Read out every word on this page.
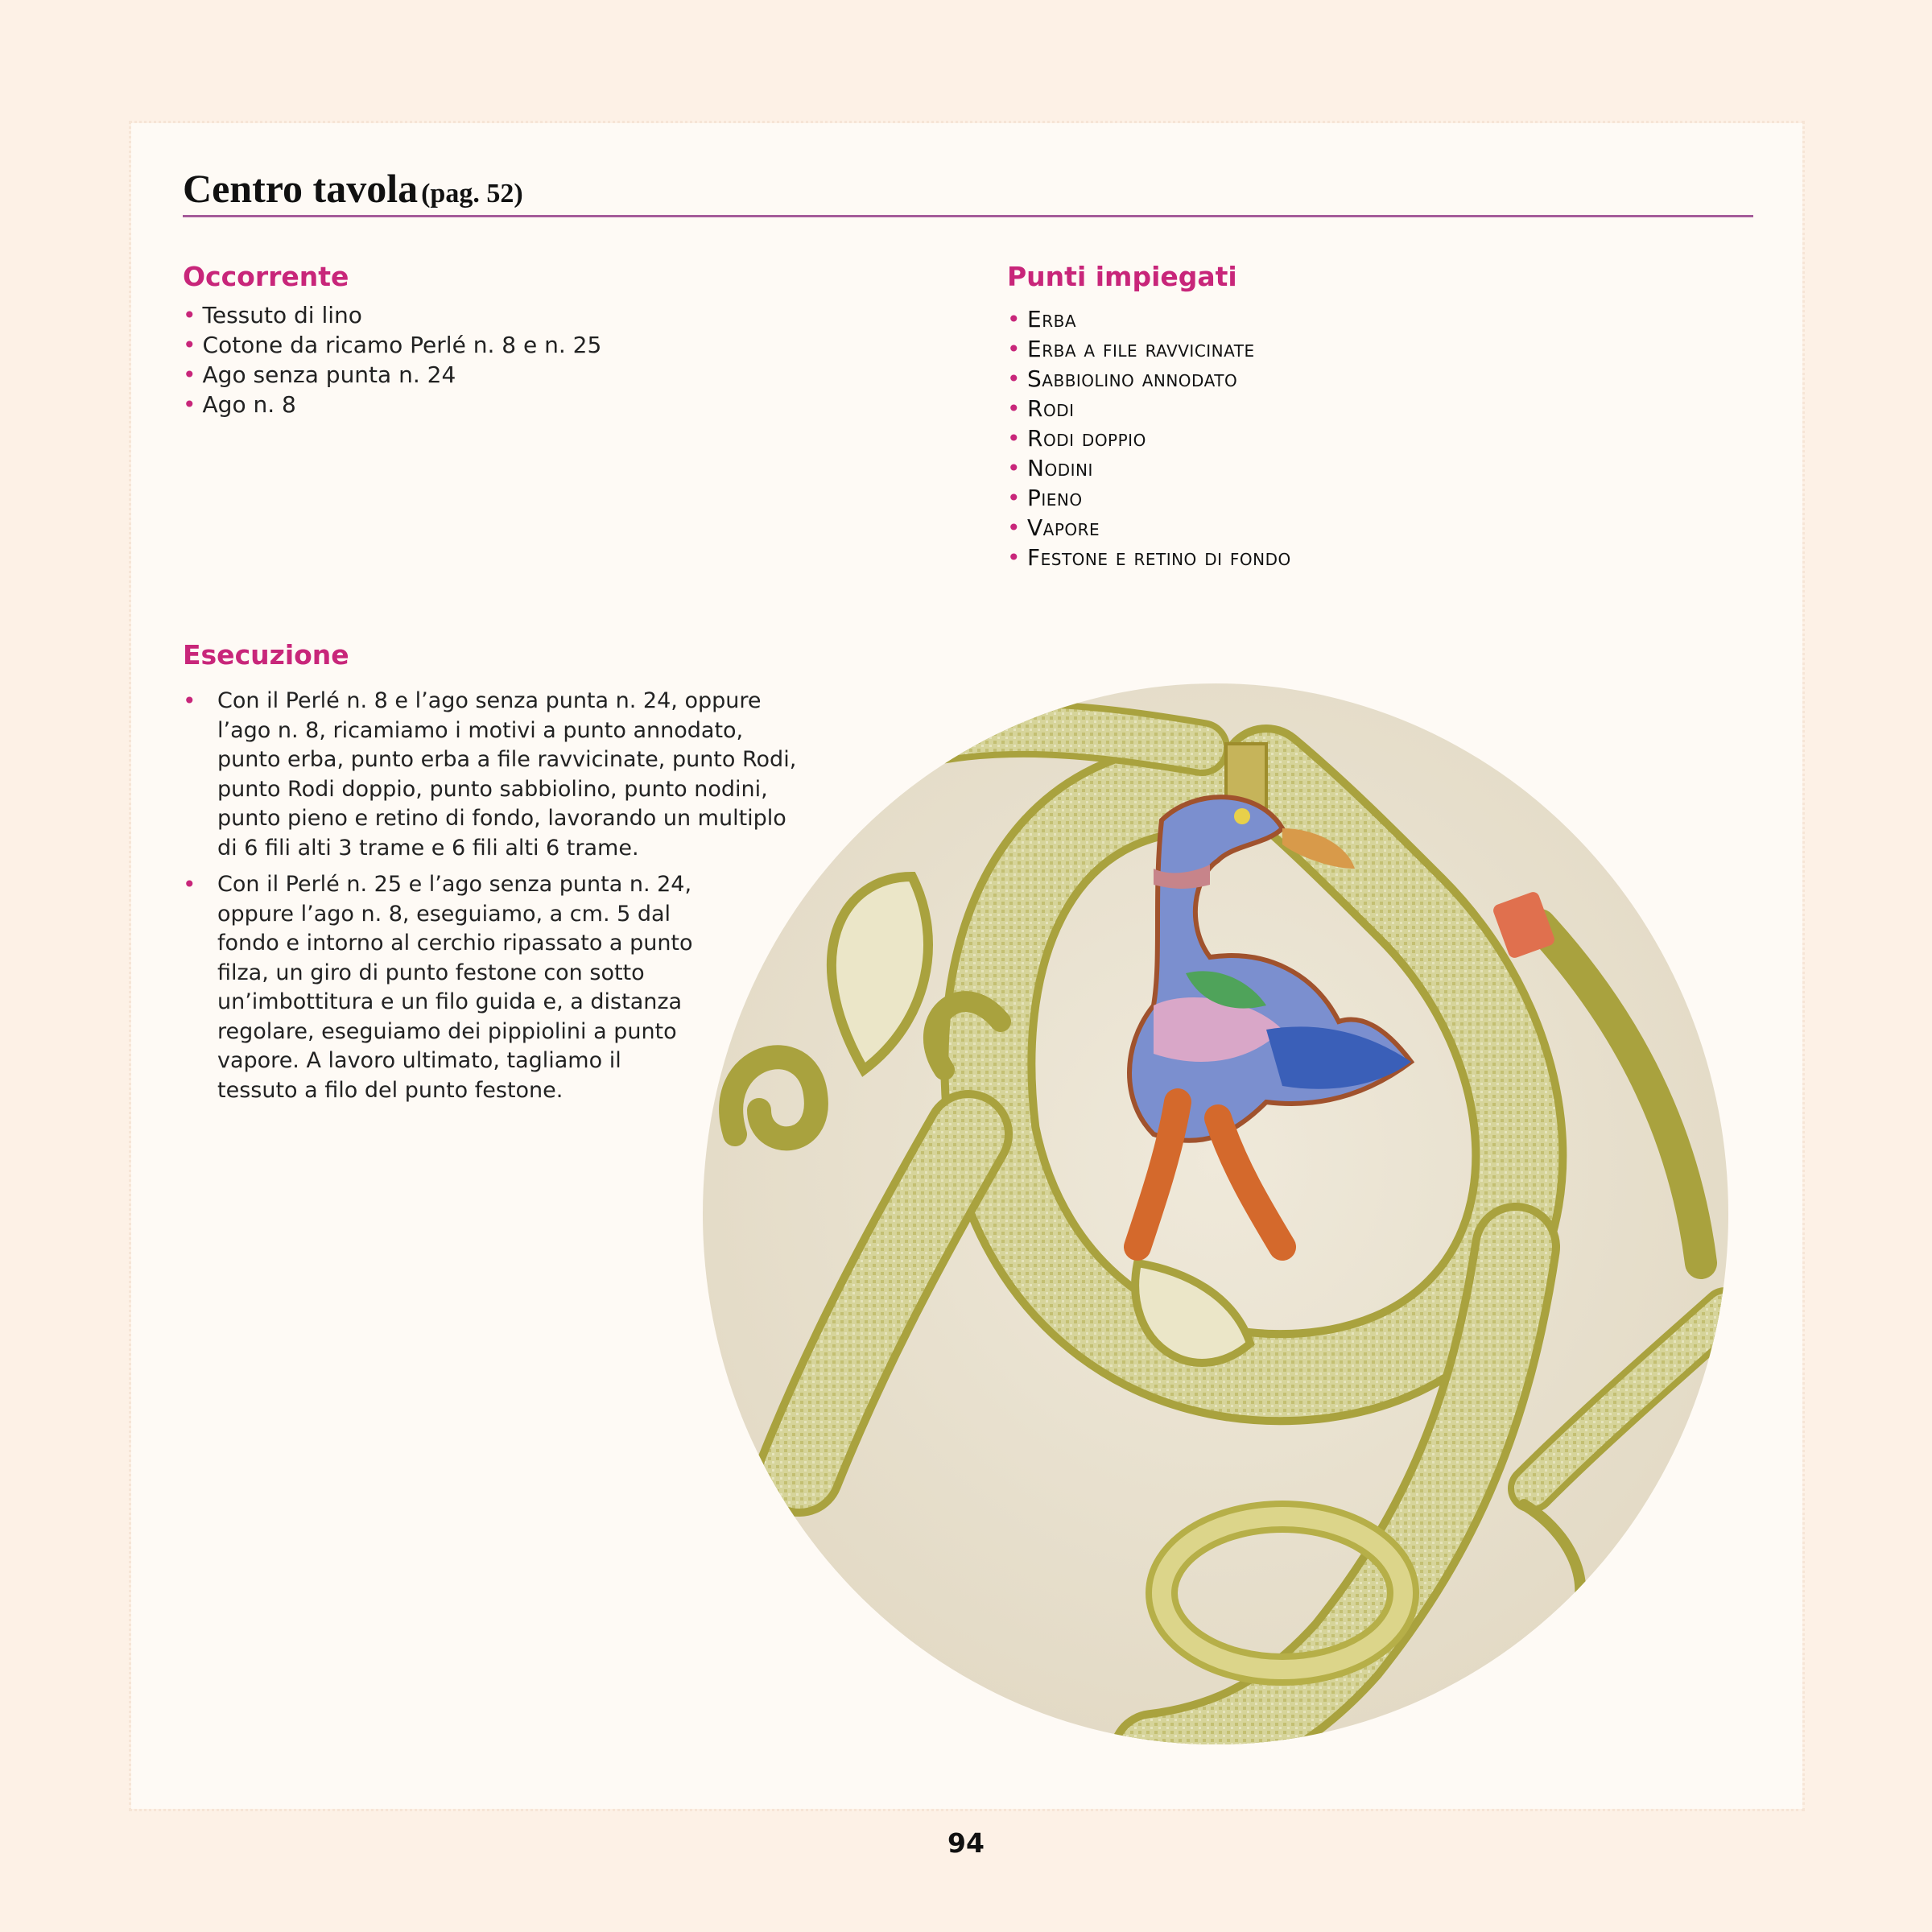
Centro tavola (pag. 52)
Occorrente
• Tessuto di lino
• Cotone da ricamo Perlé n. 8 e n. 25
• Ago senza punta n. 24
• Ago n. 8
Punti impiegati
• Erba
• Erba a file ravvicinate
• Sabbiolino annodato
• Rodi
• Rodi doppio
• Nodini
• Pieno
• Vapore
• Festone e retino di fondo
Esecuzione
• Con il Perlé n. 8 e l’ago senza punta n. 24, oppure l’ago n. 8, ricamiamo i motivi a punto annodato, punto erba, punto erba a file ravvicinate, punto Rodi, punto Rodi doppio, punto sabbiolino, punto nodini, punto pieno e retino di fondo, lavorando un multiplo di 6 fili alti 3 trame e 6 fili alti 6 trame.
• Con il Perlé n. 25 e l’ago senza punta n. 24, oppure l’ago n. 8, eseguiamo, a cm. 5 dal fondo e intorno al cerchio ripassato a punto filza, un giro di punto festone con sotto un’imbottitura e un filo guida e, a distanza regolare, eseguiamo dei pippiolini a punto vapore. A lavoro ultimato, tagliamo il tessuto a filo del punto festone.
94
